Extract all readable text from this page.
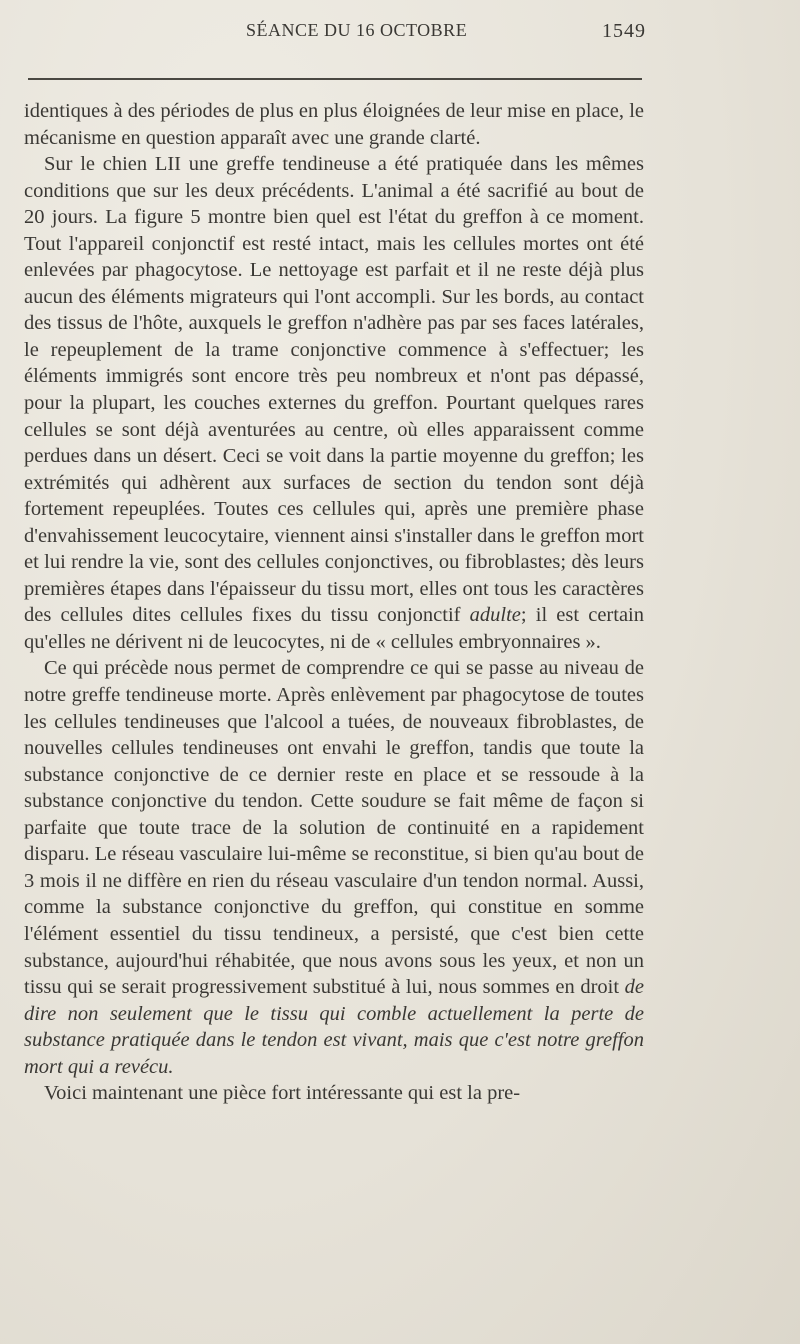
SÉANCE DU 16 OCTOBRE	1549

identiques à des périodes de plus en plus éloignées de leur mise en place, le mécanisme en question apparaît avec une grande clarté.

Sur le chien LII une greffe tendineuse a été pratiquée dans les mêmes conditions que sur les deux précédents. L'animal a été sacrifié au bout de 20 jours. La figure 5 montre bien quel est l'état du greffon à ce moment. Tout l'appareil conjonctif est resté intact, mais les cellules mortes ont été enlevées par phagocytose. Le nettoyage est parfait et il ne reste déjà plus aucun des éléments migrateurs qui l'ont accompli. Sur les bords, au contact des tissus de l'hôte, auxquels le greffon n'adhère pas par ses faces latérales, le repeuplement de la trame conjonctive commence à s'effectuer; les éléments immigrés sont encore très peu nombreux et n'ont pas dépassé, pour la plupart, les couches externes du greffon. Pourtant quelques rares cellules se sont déjà aventurées au centre, où elles apparaissent comme perdues dans un désert. Ceci se voit dans la partie moyenne du greffon; les extrémités qui adhèrent aux surfaces de section du tendon sont déjà fortement repeuplées. Toutes ces cellules qui, après une première phase d'envahissement leucocytaire, viennent ainsi s'installer dans le greffon mort et lui rendre la vie, sont des cellules conjonctives, ou fibroblastes; dès leurs premières étapes dans l'épaisseur du tissu mort, elles ont tous les caractères des cellules dites cellules fixes du tissu conjonctif adulte; il est certain qu'elles ne dérivent ni de leucocytes, ni de « cellules embryonnaires ».

Ce qui précède nous permet de comprendre ce qui se passe au niveau de notre greffe tendineuse morte. Après enlèvement par phagocytose de toutes les cellules tendineuses que l'alcool a tuées, de nouveaux fibroblastes, de nouvelles cellules tendineuses ont envahi le greffon, tandis que toute la substance conjonctive de ce dernier reste en place et se ressoude à la substance conjonctive du tendon. Cette soudure se fait même de façon si parfaite que toute trace de la solution de continuité en a rapidement disparu. Le réseau vasculaire lui-même se reconstitue, si bien qu'au bout de 3 mois il ne diffère en rien du réseau vasculaire d'un tendon normal. Aussi, comme la substance conjonctive du greffon, qui constitue en somme l'élément essentiel du tissu tendineux, a persisté, que c'est bien cette substance, aujourd'hui réhabitée, que nous avons sous les yeux, et non un tissu qui se serait progressivement substitué à lui, nous sommes en droit de dire non seulement que le tissu qui comble actuellement la perte de substance pratiquée dans le tendon est vivant, mais que c'est notre greffon mort qui a revécu.

Voici maintenant une pièce fort intéressante qui est la pre-
